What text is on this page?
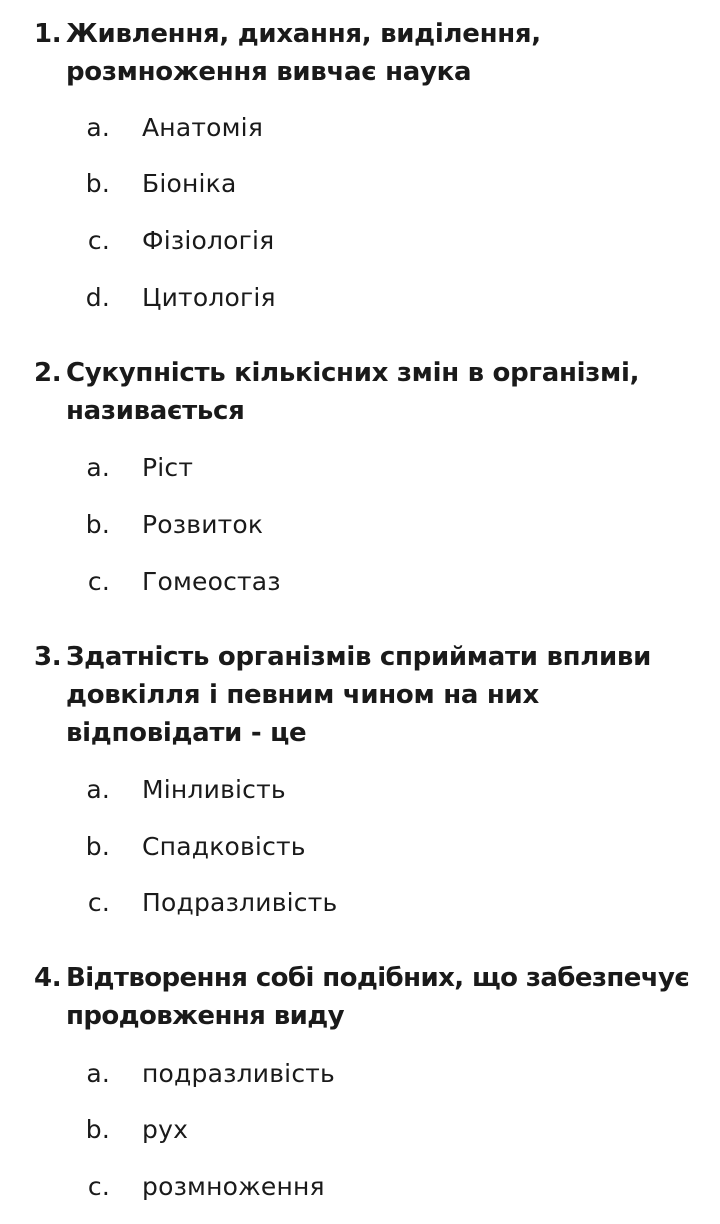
1. Живлення, дихання, виділення,
розмноження вивчає наука
a. Анатомія
b. Біоніка
c. Фізіологія
d. Цитологія
2. Сукупність кількісних змін в організмі,
називається
a. Ріст
b. Розвиток
c. Гомеостаз
3. Здатність організмів сприймати впливи
довкілля і певним чином на них
відповідати - це
a. Мінливість
b. Спадковість
c. Подразливість
4. Відтворення собі подібних, що забезпечує
продовження виду
a. подразливість
b. рух
c. розмноження
